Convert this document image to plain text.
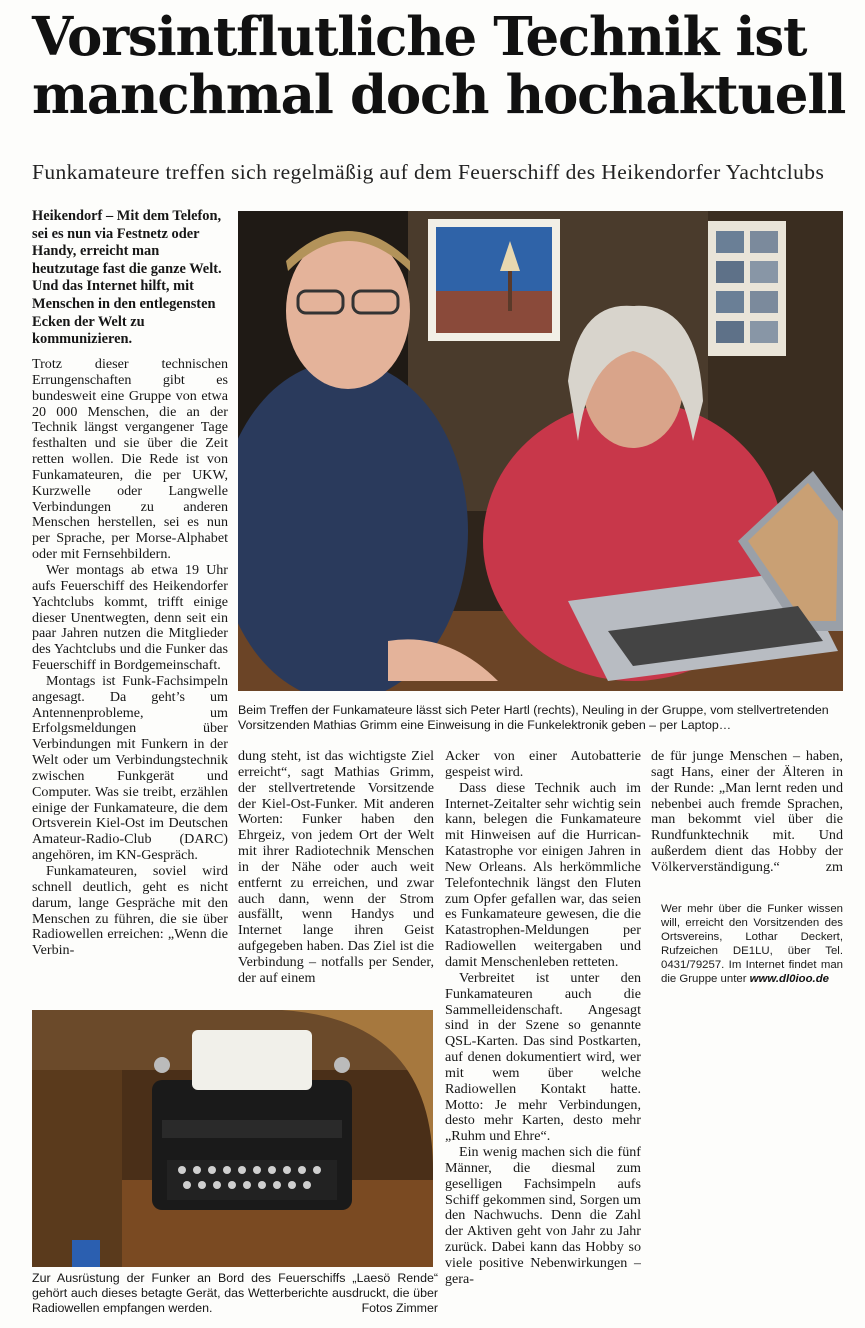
Vorsintflutliche Technik ist manchmal doch hochaktuell

Funkamateure treffen sich regelmäßig auf dem Feuerschiff des Heikendorfer Yachtclubs

Heikendorf – Mit dem Telefon, sei es nun via Festnetz oder Handy, erreicht man heutzutage fast die ganze Welt. Und das Internet hilft, mit Menschen in den entlegensten Ecken der Welt zu kommunizieren.

Beim Treffen der Funkamateure lässt sich Peter Hartl (rechts), Neuling in der Gruppe, vom stellvertretenden Vorsitzenden Mathias Grimm eine Einweisung in die Funkelektronik geben – per Laptop…

Trotz dieser technischen Errungenschaften gibt es bundesweit eine Gruppe von etwa 20 000 Menschen, die an der Technik längst vergangener Tage festhalten und sie über die Zeit retten wollen. Die Rede ist von Funkamateuren, die per UKW, Kurzwelle oder Langwelle Verbindungen zu anderen Menschen herstellen, sei es nun per Sprache, per Morse-Alphabet oder mit Fernsehbildern.

Wer montags ab etwa 19 Uhr aufs Feuerschiff des Heikendorfer Yachtclubs kommt, trifft einige dieser Unentwegten, denn seit ein paar Jahren nutzen die Mitglieder des Yachtclubs und die Funker das Feuerschiff in Bordgemeinschaft.

Montags ist Funk-Fachsimpeln angesagt. Da geht’s um Antennenprobleme, um Erfolgsmeldungen über Verbindungen mit Funkern in der Welt oder um Verbindungstechnik zwischen Funkgerät und Computer. Was sie treibt, erzählen einige der Funkamateure, die dem Ortsverein Kiel-Ost im Deutschen Amateur-Radio-Club (DARC) angehören, im KN-Gespräch.

Funkamateuren, soviel wird schnell deutlich, geht es nicht darum, lange Gespräche mit den Menschen zu führen, die sie über Radiowellen erreichen: „Wenn die Verbin-

dung steht, ist das wichtigste Ziel erreicht“, sagt Mathias Grimm, der stellvertretende Vorsitzende der Kiel-Ost-Funker. Mit anderen Worten: Funker haben den Ehrgeiz, von jedem Ort der Welt mit ihrer Radiotechnik Menschen in der Nähe oder auch weit entfernt zu erreichen, und zwar auch dann, wenn der Strom ausfällt, wenn Handys und Internet lange ihren Geist aufgegeben haben. Das Ziel ist die Verbindung – notfalls per Sender, der auf einem

Acker von einer Autobatterie gespeist wird.

Dass diese Technik auch im Internet-Zeitalter sehr wichtig sein kann, belegen die Funkamateure mit Hinweisen auf die Hurrican-Katastrophe vor einigen Jahren in New Orleans. Als herkömmliche Telefontechnik längst den Fluten zum Opfer gefallen war, das seien es Funkamateure gewesen, die die Katastrophen-Meldungen per Radiowellen weitergaben und damit Menschenleben retteten.

Verbreitet ist unter den Funkamateuren auch die Sammelleidenschaft. Angesagt sind in der Szene so genannte QSL-Karten. Das sind Postkarten, auf denen dokumentiert wird, wer mit wem über welche Radiowellen Kontakt hatte. Motto: Je mehr Verbindungen, desto mehr Karten, desto mehr „Ruhm und Ehre“.

Ein wenig machen sich die fünf Männer, die diesmal zum geselligen Fachsimpeln aufs Schiff gekommen sind, Sorgen um den Nachwuchs. Denn die Zahl der Aktiven geht von Jahr zu Jahr zurück. Dabei kann das Hobby so viele positive Nebenwirkungen – gera-

de für junge Menschen – haben, sagt Hans, einer der Älteren in der Runde: „Man lernt reden und nebenbei auch fremde Sprachen, man bekommt viel über die Rundfunktechnik mit. Und außerdem dient das Hobby der Völkerverständigung.“	zm

Wer mehr über die Funker wissen will, erreicht den Vorsitzenden des Ortsvereins, Lothar Deckert, Rufzeichen DE1LU, über Tel. 0431/79257. Im Internet findet man die Gruppe unter www.dl0ioo.de
Zur Ausrüstung der Funker an Bord des Feuerschiffs „Laesö Rende“ gehört auch dieses betagte Gerät, das Wetterberichte ausdruckt, die über Radiowellen empfangen werden.	Fotos Zimmer
